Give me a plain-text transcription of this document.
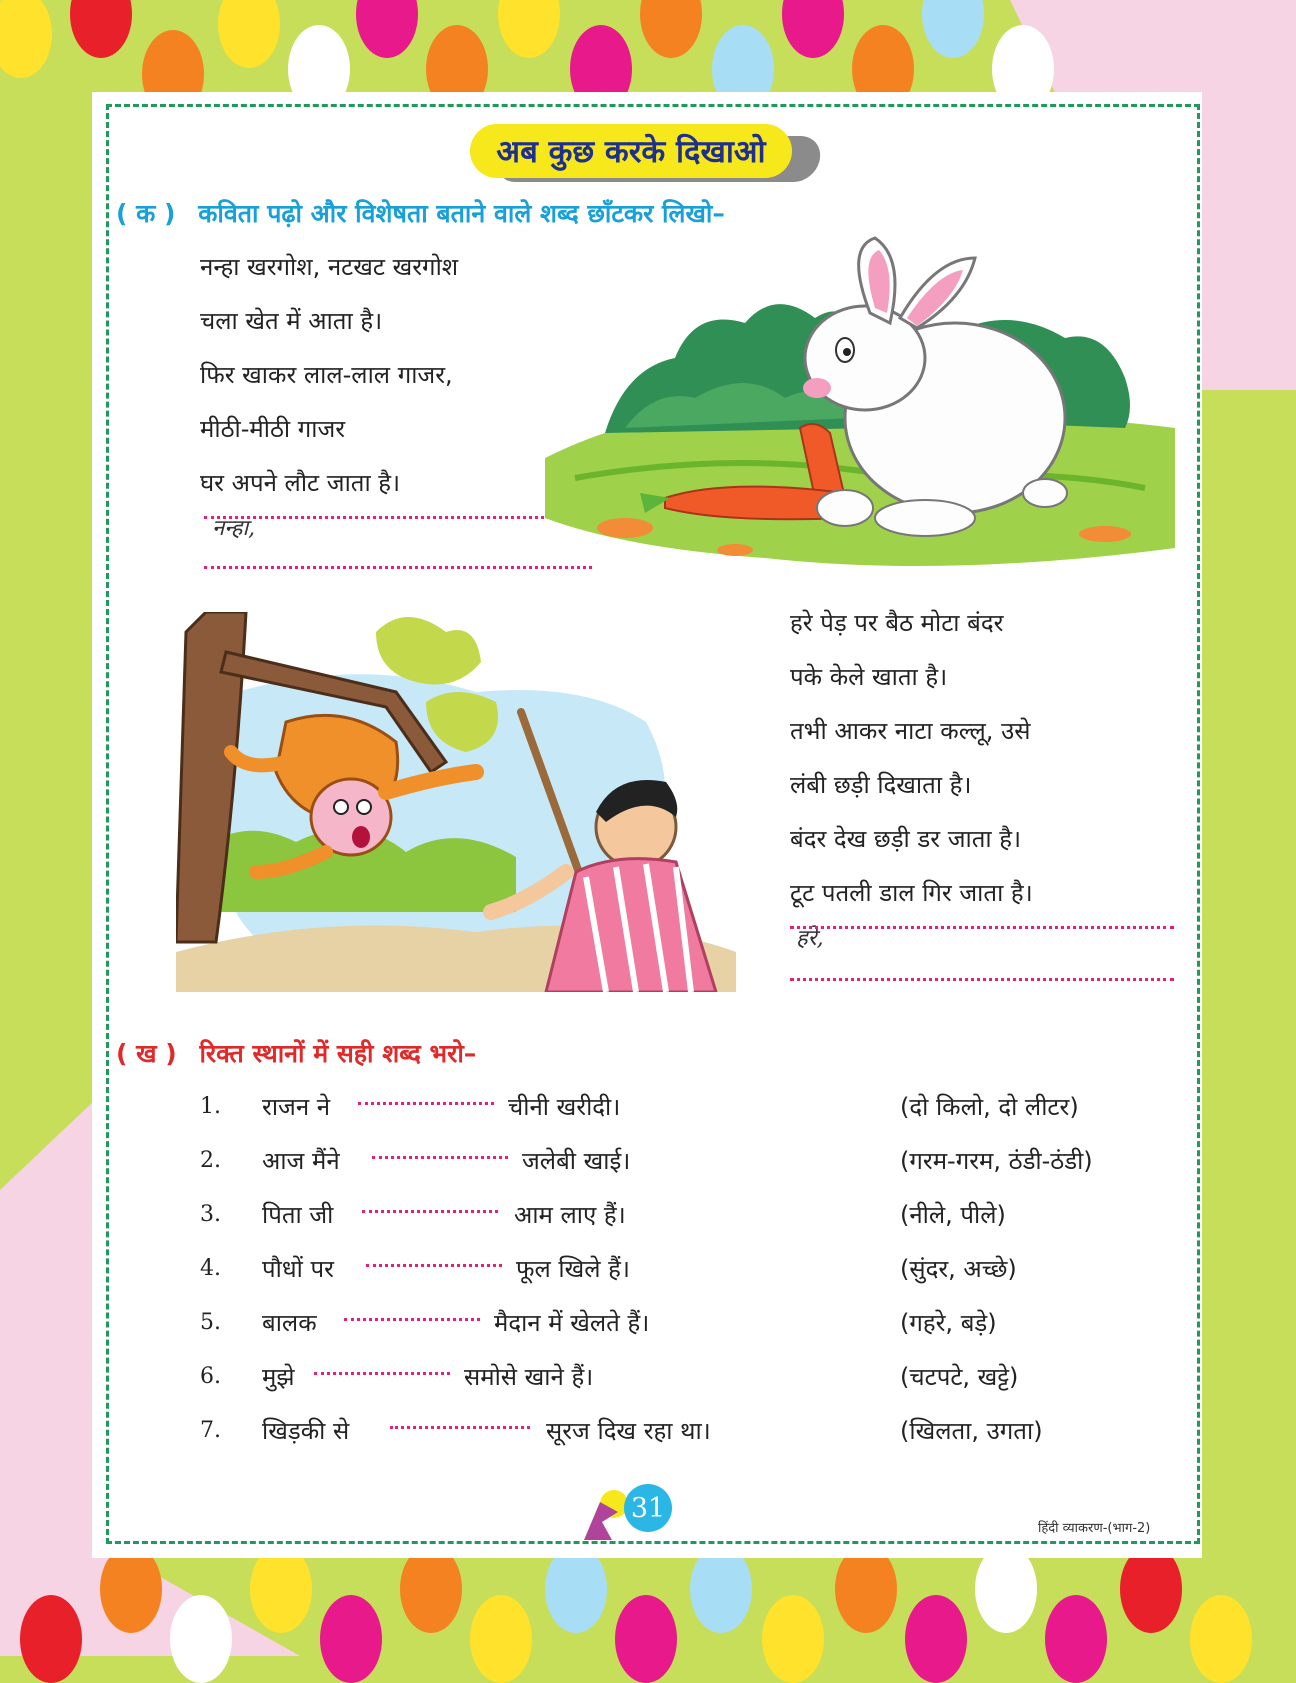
अब कुछ करके दिखाओ
( क ) कविता पढ़ो और विशेषता बताने वाले शब्द छाँटकर लिखो–
नन्हा खरगोश, नटखट खरगोश
चला खेत में आता है।
फिर खाकर लाल-लाल गाजर,
मीठी-मीठी गाजर
घर अपने लौट जाता है।
नन्हा,
हरे पेड़ पर बैठ मोटा बंदर
पके केले खाता है।
तभी आकर नाटा कल्लू, उसे
लंबी छड़ी दिखाता है।
बंदर देख छड़ी डर जाता है।
टूट पतली डाल गिर जाता है।
हरे,
( ख ) रिक्त स्थानों में सही शब्द भरो–
1. राजन ने	चीनी खरीदी।	(दो किलो, दो लीटर)
2. आज मैंने	जलेबी खाई।	(गरम-गरम, ठंडी-ठंडी)
3. पिता जी	आम लाए हैं।	(नीले, पीले)
4. पौधों पर	फूल खिले हैं।	(सुंदर, अच्छे)
5. बालक	मैदान में खेलते हैं।	(गहरे, बड़े)
6. मुझे	समोसे खाने हैं।	(चटपटे, खट्टे)
7. खिड़की से	सूरज दिख रहा था।	(खिलता, उगता)
31
हिंदी व्याकरण-(भाग-2)
